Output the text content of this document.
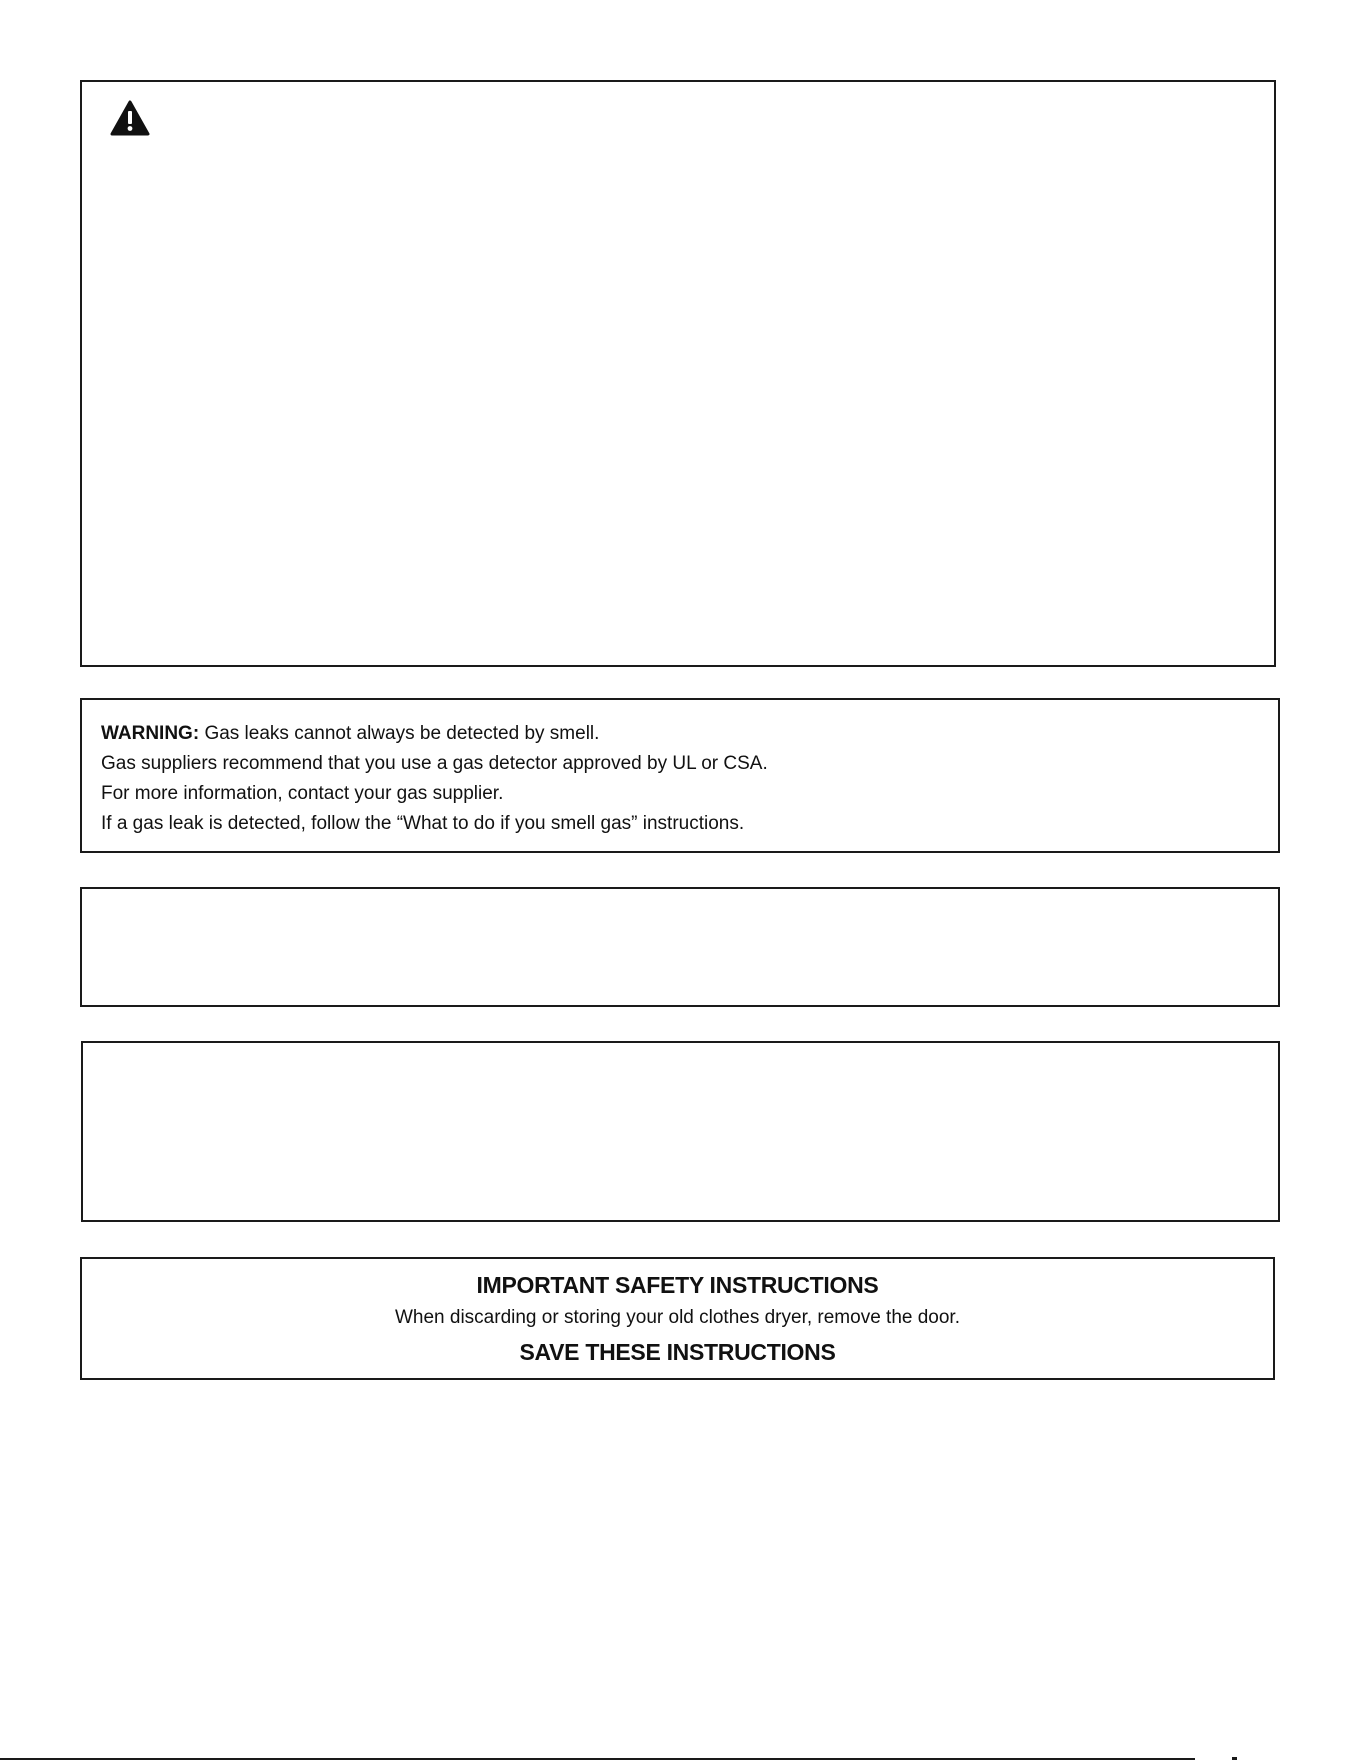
WARNING: Gas leaks cannot always be detected by smell.
Gas suppliers recommend that you use a gas detector approved by UL or CSA.
For more information, contact your gas supplier.
If a gas leak is detected, follow the “What to do if you smell gas” instructions.
IMPORTANT SAFETY INSTRUCTIONS
When discarding or storing your old clothes dryer, remove the door.
SAVE THESE INSTRUCTIONS
